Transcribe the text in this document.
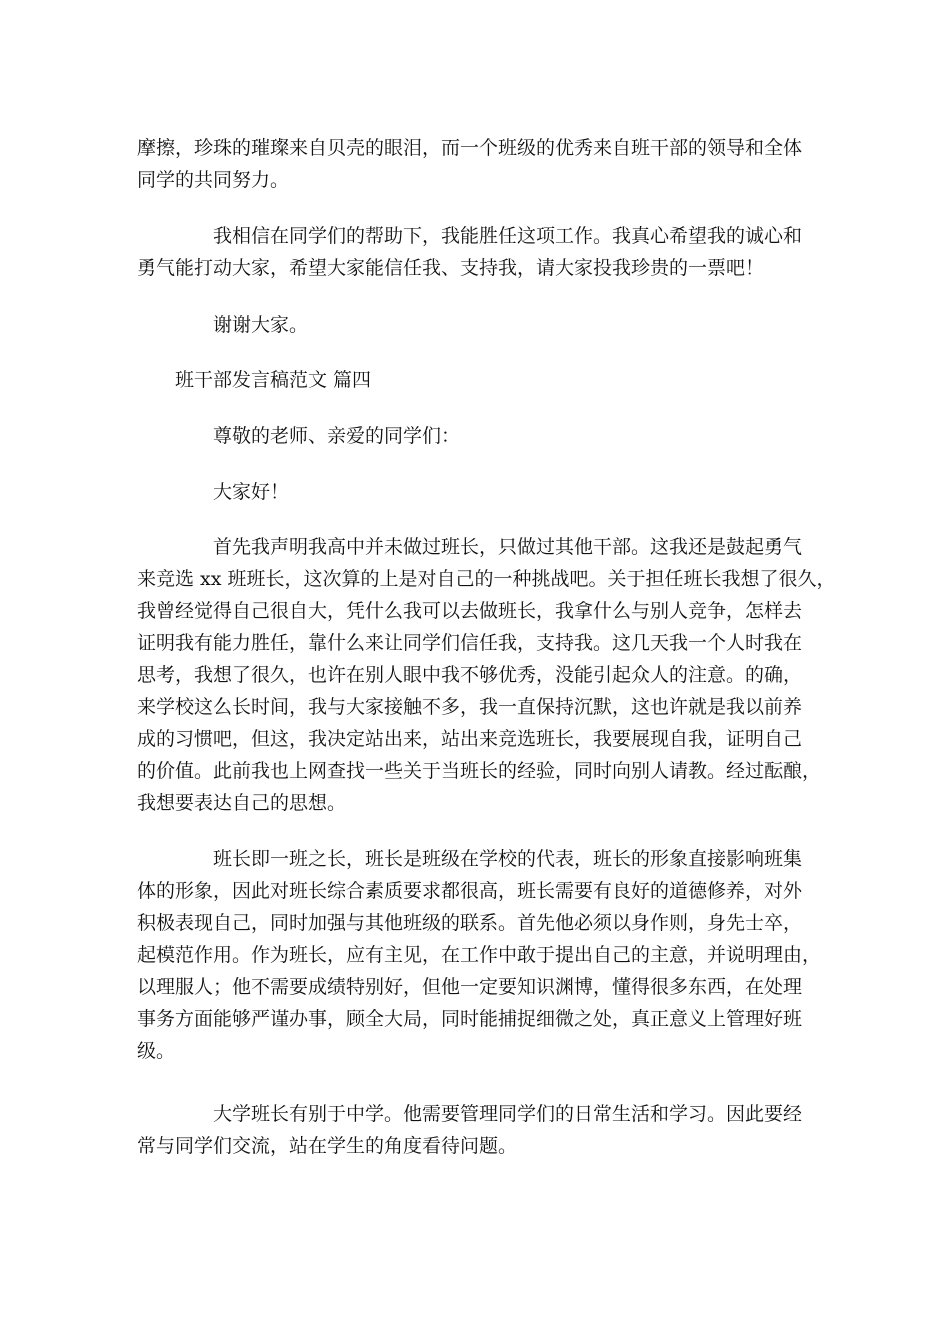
摩擦，珍珠的璀璨来自贝壳的眼泪，而一个班级的优秀来自班干部的领导和全体
同学的共同努力。

我相信在同学们的帮助下，我能胜任这项工作。我真心希望我的诚心和
勇气能打动大家，希望大家能信任我、支持我，请大家投我珍贵的一票吧！

谢谢大家。

班干部发言稿范文 篇四

尊敬的老师、亲爱的同学们：

大家好！

首先我声明我高中并未做过班长，只做过其他干部。这我还是鼓起勇气
来竞选 xx 班班长，这次算的上是对自己的一种挑战吧。关于担任班长我想了很久，
我曾经觉得自己很自大，凭什么我可以去做班长，我拿什么与别人竞争，怎样去
证明我有能力胜任，靠什么来让同学们信任我，支持我。这几天我一个人时我在
思考，我想了很久，也许在别人眼中我不够优秀，没能引起众人的注意。的确，
来学校这么长时间，我与大家接触不多，我一直保持沉默，这也许就是我以前养
成的习惯吧，但这，我决定站出来，站出来竞选班长，我要展现自我，证明自己
的价值。此前我也上网查找一些关于当班长的经验，同时向别人请教。经过酝酿，
我想要表达自己的思想。

班长即一班之长，班长是班级在学校的代表，班长的形象直接影响班集
体的形象，因此对班长综合素质要求都很高，班长需要有良好的道德修养，对外
积极表现自己，同时加强与其他班级的联系。首先他必须以身作则，身先士卒，
起模范作用。作为班长，应有主见，在工作中敢于提出自己的主意，并说明理由，
以理服人；他不需要成绩特别好，但他一定要知识渊博，懂得很多东西，在处理
事务方面能够严谨办事，顾全大局，同时能捕捉细微之处，真正意义上管理好班
级。

大学班长有别于中学。他需要管理同学们的日常生活和学习。因此要经
常与同学们交流，站在学生的角度看待问题。
